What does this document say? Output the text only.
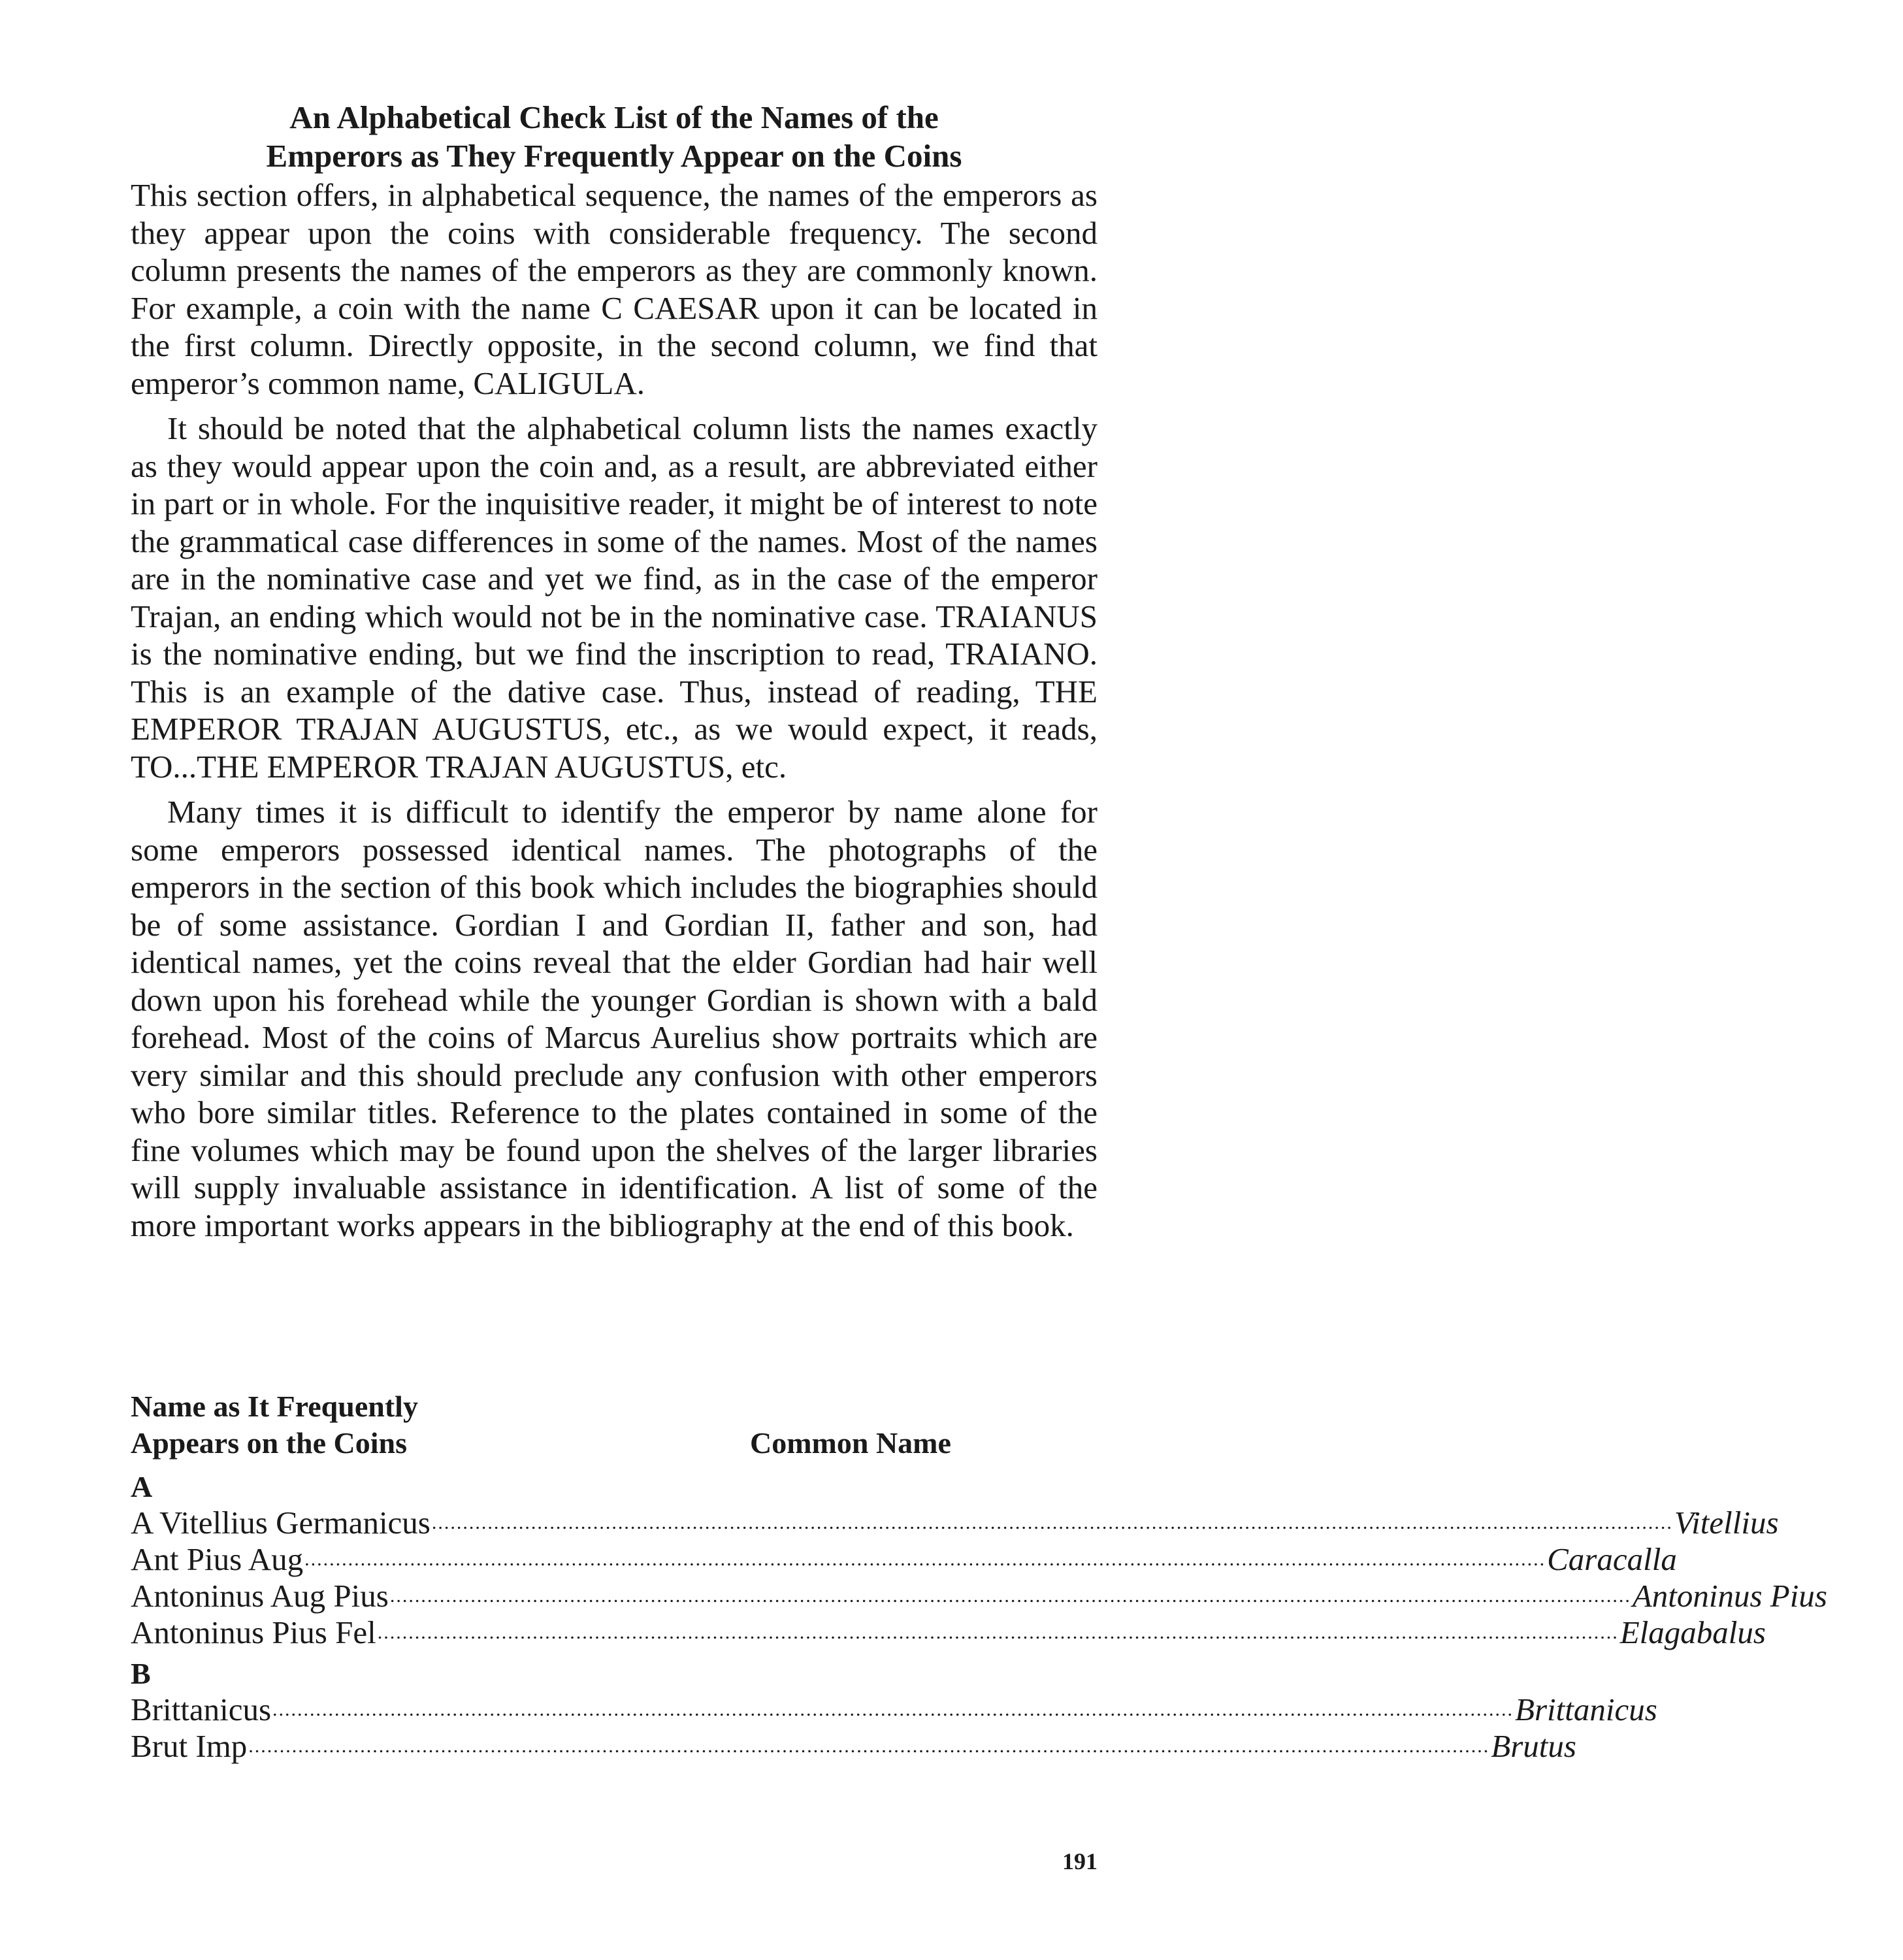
An Alphabetical Check List of the Names of the
Emperors as They Frequently Appear on the Coins

This section offers, in alphabetical sequence, the names of the emperors as they appear upon the coins with considerable frequency. The second column presents the names of the emperors as they are commonly known. For example, a coin with the name C CAESAR upon it can be located in the first column. Directly opposite, in the second column, we find that emperor’s common name, CALIGULA.

It should be noted that the alphabetical column lists the names exactly as they would appear upon the coin and, as a result, are abbreviated either in part or in whole. For the inquisitive reader, it might be of interest to note the grammatical case differences in some of the names. Most of the names are in the nominative case and yet we find, as in the case of the emperor Trajan, an ending which would not be in the nominative case. TRAIANUS is the nominative ending, but we find the inscription to read, TRAIANO. This is an example of the dative case. Thus, instead of reading, THE EMPEROR TRAJAN AUGUSTUS, etc., as we would expect, it reads, TO...THE EMPEROR TRAJAN AUGUSTUS, etc.

Many times it is difficult to identify the emperor by name alone for some emperors possessed identical names. The photographs of the emperors in the section of this book which includes the biographies should be of some assistance. Gordian I and Gordian II, father and son, had identical names, yet the coins reveal that the elder Gordian had hair well down upon his forehead while the younger Gordian is shown with a bald forehead. Most of the coins of Marcus Aurelius show portraits which are very similar and this should preclude any confusion with other emperors who bore similar titles. Reference to the plates contained in some of the fine volumes which may be found upon the shelves of the larger libraries will supply invaluable assistance in identification. A list of some of the more important works appears in the bibliography at the end of this book.

Name as It Frequently
Appears on the Coins	Common Name
A
A Vitellius Germanicus ........................................................................................................................................................................................................ Vitellius
Ant Pius Aug ........................................................................................................................................................................................................ Caracalla
Antoninus Aug Pius ........................................................................................................................................................................................................ Antoninus Pius
Antoninus Pius Fel ........................................................................................................................................................................................................ Elagabalus
B
Brittanicus ........................................................................................................................................................................................................ Brittanicus
Brut Imp ........................................................................................................................................................................................................ Brutus
191
